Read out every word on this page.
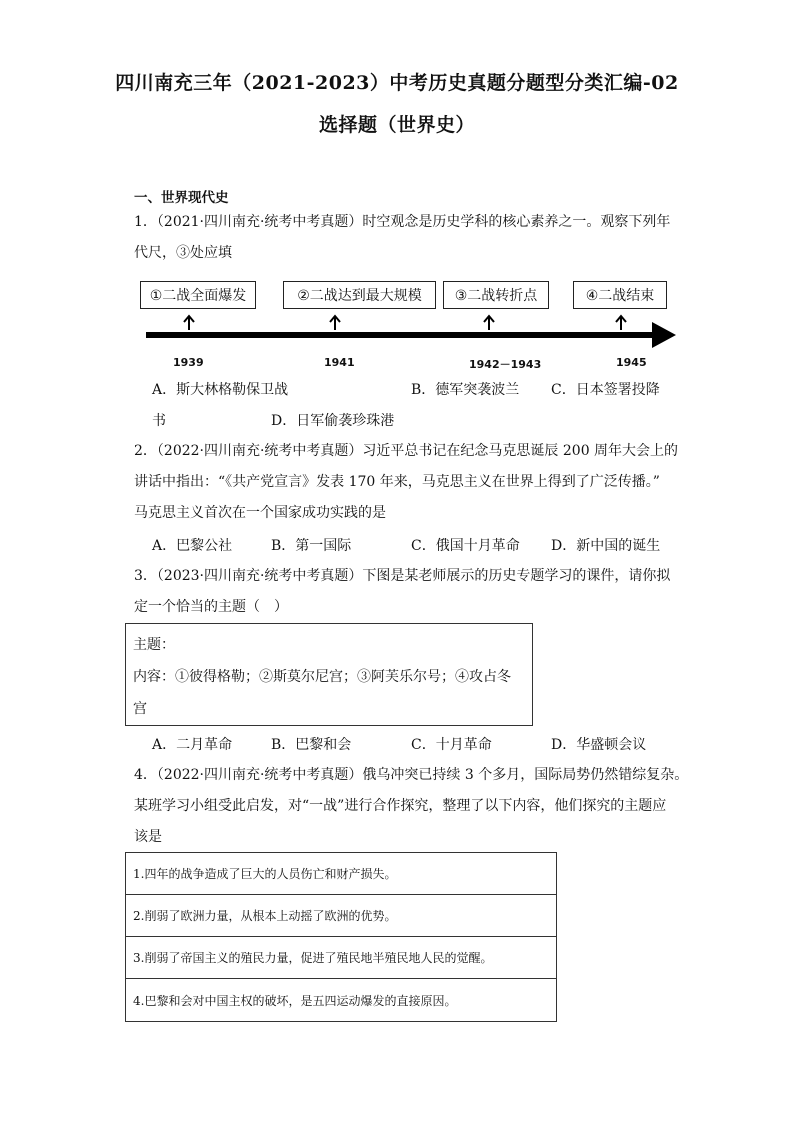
四川南充三年（2021-2023）中考历史真题分题型分类汇编-02
选择题（世界史）
一、世界现代史
1．（2021·四川南充·统考中考真题）时空观念是历史学科的核心素养之一。观察下列年
代尺，③处应填
①二战全面爆发	②二战达到最大规模	③二战转折点	④二战结束
1939	1941	1942－1943	1945
A．斯大林格勒保卫战	B．德军突袭波兰 C．日本签署投降
书	D．日军偷袭珍珠港
2．（2022·四川南充·统考中考真题）习近平总书记在纪念马克思诞辰 200 周年大会上的
讲话中指出：“《共产党宣言》发表 170 年来，马克思主义在世界上得到了广泛传播。”
马克思主义首次在一个国家成功实践的是
A．巴黎公社	B．第一国际	C．俄国十月革命 D．新中国的诞生
3．（2023·四川南充·统考中考真题）下图是某老师展示的历史专题学习的课件，请你拟
定一个恰当的主题（　）
主题：
内容：①彼得格勒；②斯莫尔尼宫；③阿芙乐尔号；④攻占冬
宫
A．二月革命	B．巴黎和会	C．十月革命	D．华盛顿会议
4．（2022·四川南充·统考中考真题）俄乌冲突已持续 3 个多月，国际局势仍然错综复杂。
某班学习小组受此启发，对“一战”进行合作探究，整理了以下内容，他们探究的主题应
该是
1.四年的战争造成了巨大的人员伤亡和财产损失。
2.削弱了欧洲力量，从根本上动摇了欧洲的优势。
3.削弱了帝国主义的殖民力量，促进了殖民地半殖民地人民的觉醒。
4.巴黎和会对中国主权的破坏，是五四运动爆发的直接原因。
